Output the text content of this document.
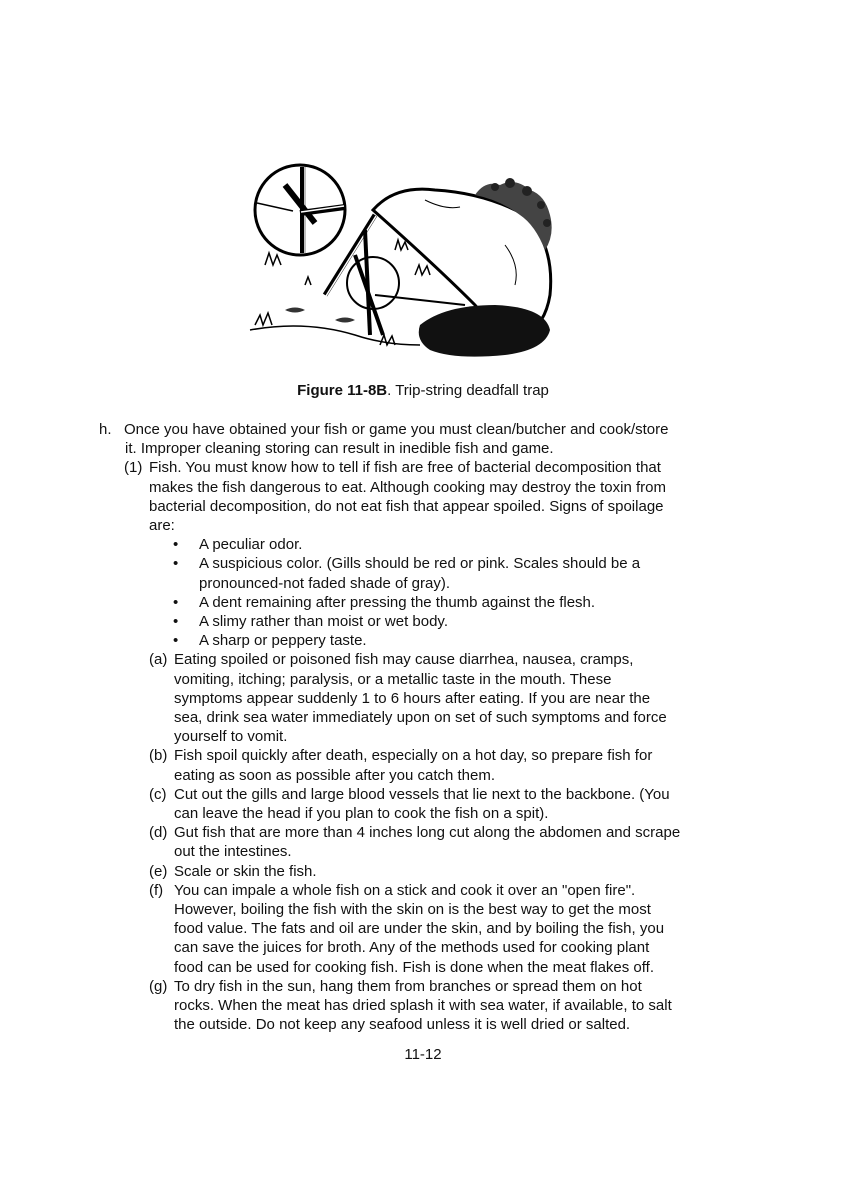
Figure 11-8B. Trip-string deadfall trap
h. Once you have obtained your fish or game you must clean/butcher and cook/store
it. Improper cleaning storing can result in inedible fish and game.
(1) Fish. You must know how to tell if fish are free of bacterial decomposition that
makes the fish dangerous to eat. Although cooking may destroy the toxin from
bacterial decomposition, do not eat fish that appear spoiled. Signs of spoilage
are:
• A peculiar odor.
• A suspicious color. (Gills should be red or pink. Scales should be a
pronounced-not faded shade of gray).
• A dent remaining after pressing the thumb against the flesh.
• A slimy rather than moist or wet body.
• A sharp or peppery taste.
(a) Eating spoiled or poisoned fish may cause diarrhea, nausea, cramps,
vomiting, itching; paralysis, or a metallic taste in the mouth. These
symptoms appear suddenly 1 to 6 hours after eating. If you are near the
sea, drink sea water immediately upon on set of such symptoms and force
yourself to vomit.
(b) Fish spoil quickly after death, especially on a hot day, so prepare fish for
eating as soon as possible after you catch them.
(c) Cut out the gills and large blood vessels that lie next to the backbone. (You
can leave the head if you plan to cook the fish on a spit).
(d) Gut fish that are more than 4 inches long cut along the abdomen and scrape
out the intestines.
(e) Scale or skin the fish.
(f) You can impale a whole fish on a stick and cook it over an "open fire".
However, boiling the fish with the skin on is the best way to get the most
food value. The fats and oil are under the skin, and by boiling the fish, you
can save the juices for broth. Any of the methods used for cooking plant
food can be used for cooking fish. Fish is done when the meat flakes off.
(g) To dry fish in the sun, hang them from branches or spread them on hot
rocks. When the meat has dried splash it with sea water, if available, to salt
the outside. Do not keep any seafood unless it is well dried or salted.
11-12
